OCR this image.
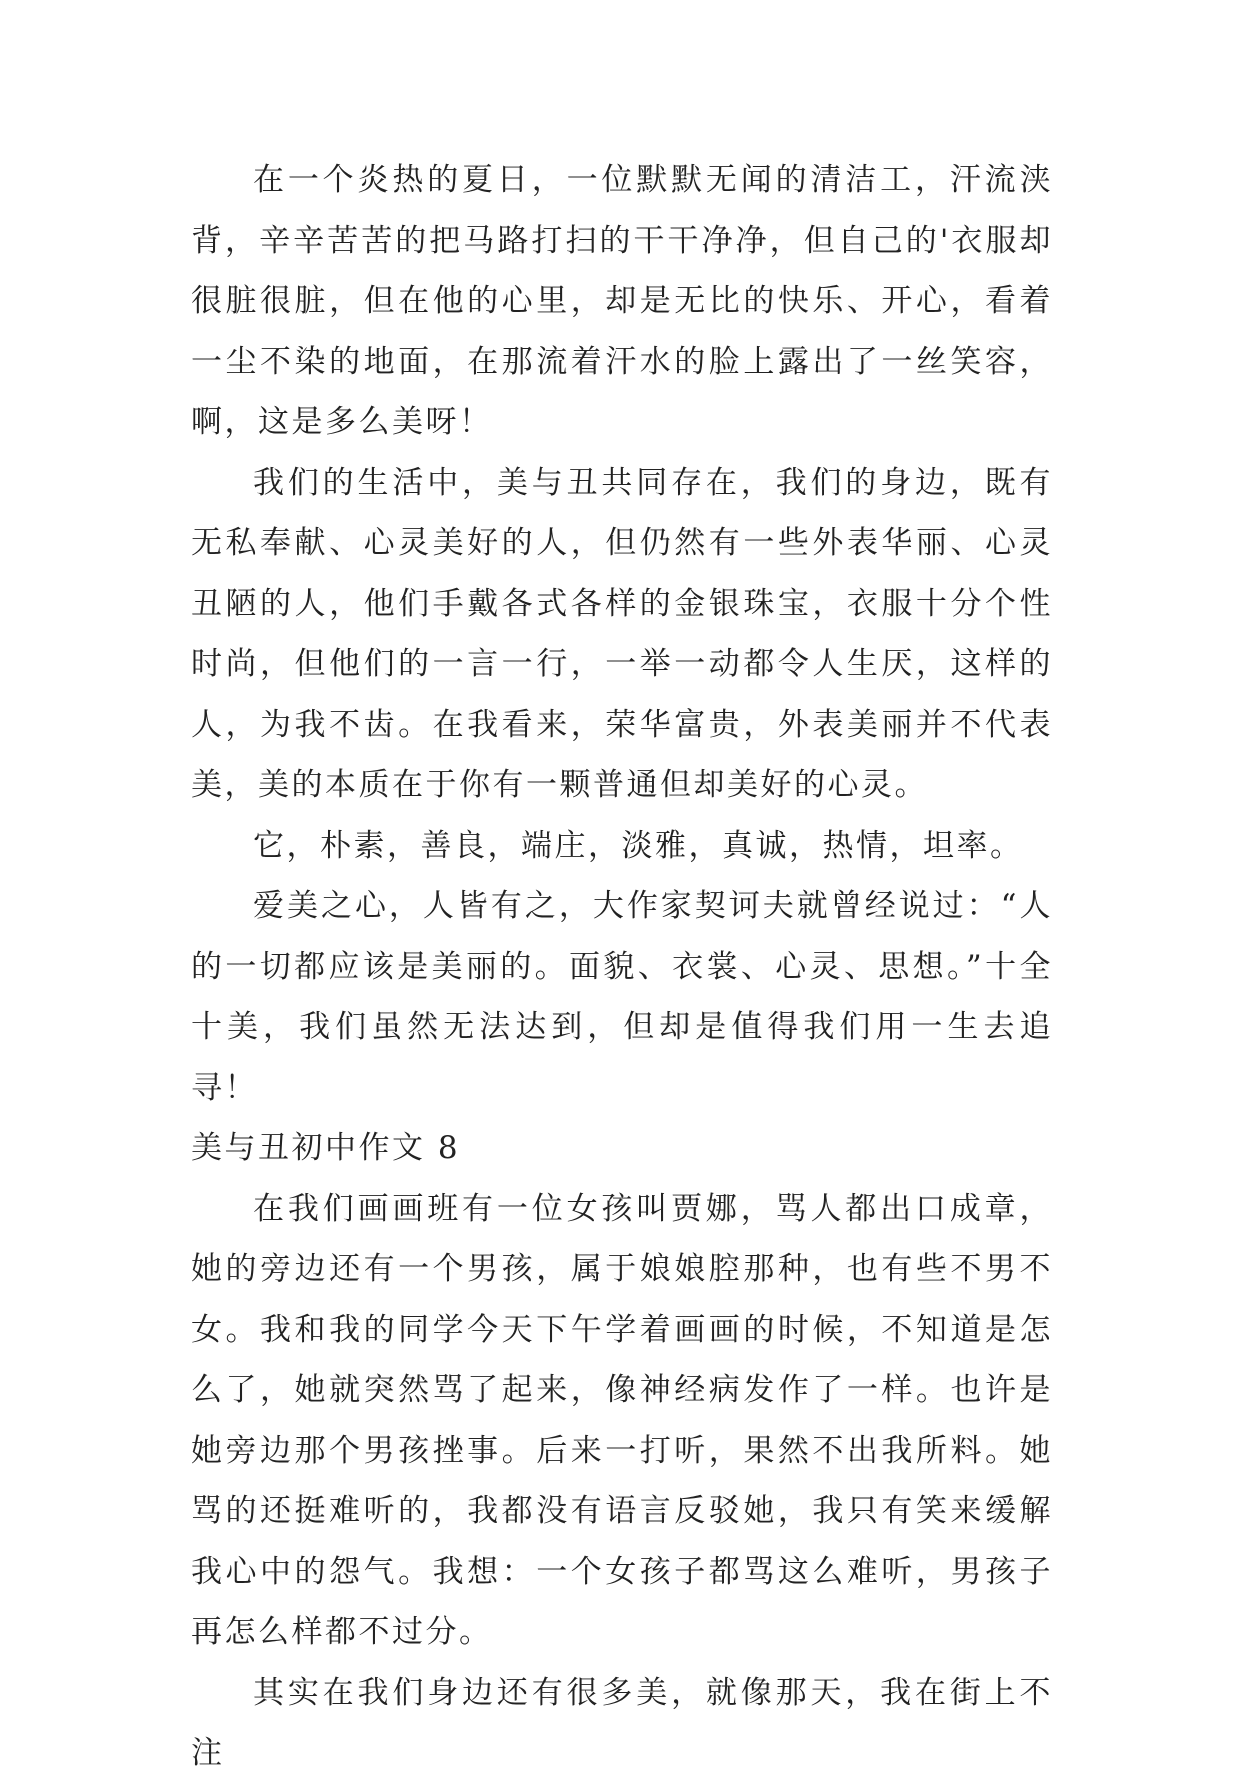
在一个炎热的夏日，一位默默无闻的清洁工，汗流浃背，辛辛苦苦的把马路打扫的干干净净，但自己的'衣服却很脏很脏，但在他的心里，却是无比的快乐、开心，看着一尘不染的地面，在那流着汗水的脸上露出了一丝笑容，啊，这是多么美呀！

我们的生活中，美与丑共同存在，我们的身边，既有无私奉献、心灵美好的人，但仍然有一些外表华丽、心灵丑陋的人，他们手戴各式各样的金银珠宝，衣服十分个性时尚，但他们的一言一行，一举一动都令人生厌，这样的人，为我不齿。在我看来，荣华富贵，外表美丽并不代表美，美的本质在于你有一颗普通但却美好的心灵。

它，朴素，善良，端庄，淡雅，真诚，热情，坦率。

爱美之心，人皆有之，大作家契诃夫就曾经说过：“人的一切都应该是美丽的。面貌、衣裳、心灵、思想。”十全十美，我们虽然无法达到，但却是值得我们用一生去追寻！

美与丑初中作文 8

在我们画画班有一位女孩叫贾娜，骂人都出口成章，她的旁边还有一个男孩，属于娘娘腔那种，也有些不男不女。我和我的同学今天下午学着画画的时候，不知道是怎么了，她就突然骂了起来，像神经病发作了一样。也许是她旁边那个男孩挫事。后来一打听，果然不出我所料。她骂的还挺难听的，我都没有语言反驳她，我只有笑来缓解我心中的怨气。我想：一个女孩子都骂这么难听，男孩子再怎么样都不过分。

其实在我们身边还有很多美，就像那天，我在街上不注
